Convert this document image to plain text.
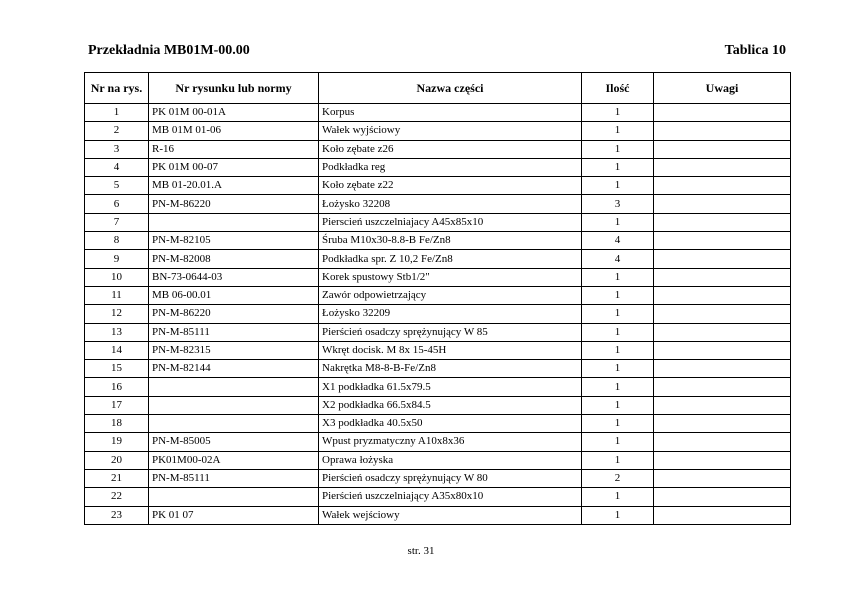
Przekładnia MB01M-00.00	Tablica 10
Nr na rys.	Nr rysunku lub normy	Nazwa części	Ilość	Uwagi
1	PK 01M 00-01A	Korpus	1	
2	MB 01M 01-06	Wałek wyjściowy	1	
3	R-16	Koło zębate z26	1	
4	PK 01M 00-07	Podkładka reg	1	
5	MB 01-20.01.A	Koło zębate z22	1	
6	PN-M-86220	Łożysko 32208	3	
7		Pierscień uszczelniajacy A45x85x10	1	
8	PN-M-82105	Śruba M10x30-8.8-B Fe/Zn8	4	
9	PN-M-82008	Podkładka spr. Z 10,2 Fe/Zn8	4	
10	BN-73-0644-03	Korek spustowy Stb1/2"	1	
11	MB 06-00.01	Zawór odpowietrzający	1	
12	PN-M-86220	Łożysko 32209	1	
13	PN-M-85111	Pierścień osadczy sprężynujący W 85	1	
14	PN-M-82315	Wkręt docisk. M 8x 15-45H	1	
15	PN-M-82144	Nakrętka M8-8-B-Fe/Zn8	1	
16		X1 podkładka 61.5x79.5	1	
17		X2 podkładka 66.5x84.5	1	
18		X3 podkładka 40.5x50	1	
19	PN-M-85005	Wpust pryzmatyczny A10x8x36	1	
20	PK01M00-02A	Oprawa łożyska	1	
21	PN-M-85111	Pierścień osadczy sprężynujący W 80	2	
22		Pierścień uszczelniający A35x80x10	1	
23	PK 01 07	Wałek wejściowy	1	
str. 31
